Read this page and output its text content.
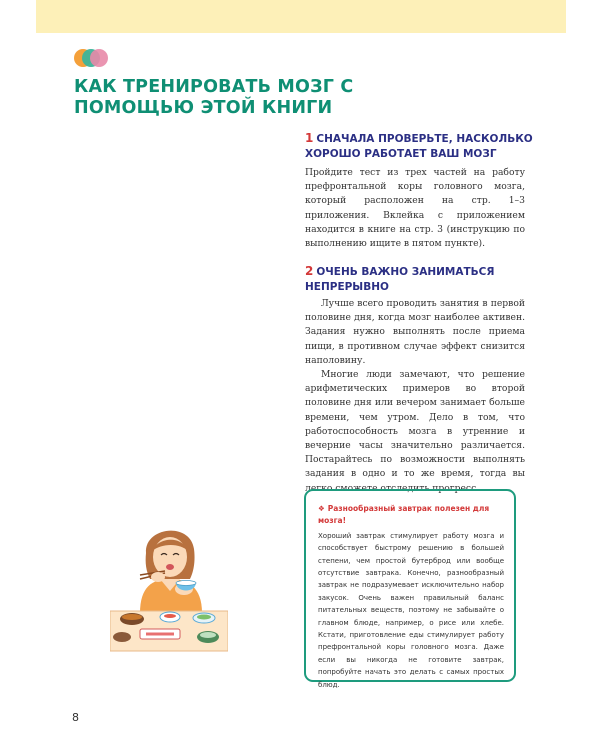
КАК ТРЕНИРОВАТЬ МОЗГ С ПОМОЩЬЮ ЭТОЙ КНИГИ
1 СНАЧАЛА ПРОВЕРЬТЕ, НАСКОЛЬКО ХОРОШО РАБОТАЕТ ВАШ МОЗГ

Пройдите тест из трех частей на работу префронтальной коры головного мозга, который расположен на стр. 1–3 приложения. Вклейка с приложением находится в книге на стр. 3 (инструкцию по выполнению ищите в пятом пункте).

2 ОЧЕНЬ ВАЖНО ЗАНИМАТЬСЯ НЕПРЕРЫВНО

Лучше всего проводить занятия в первой половине дня, когда мозг наиболее активен. Задания нужно выполнять после приема пищи, в противном случае эффект снизится наполовину.

Многие люди замечают, что решение арифметических примеров во второй половине дня или вечером занимает больше времени, чем утром. Дело в том, что работоспособность мозга в утренние и вечерние часы значительно различается. Постарайтесь по возможности выполнять задания в одно и то же время, тогда вы легко сможете отследить прогресс.

❖ Разнообразный завтрак полезен для мозга!

Хороший завтрак стимулирует работу мозга и способствует быстрому решению в большей степени, чем простой бутерброд или вообще отсутствие завтрака. Конечно, разнообразный завтрак не подразумевает исключительно набор закусок. Очень важен правильный баланс питательных веществ, поэтому не забывайте о главном блюде, например, о рисе или хлебе. Кстати, приготовление еды стимулирует работу префронтальной коры головного мозга. Даже если вы никогда не готовите завтрак, попробуйте начать это делать с самых простых блюд.

8
